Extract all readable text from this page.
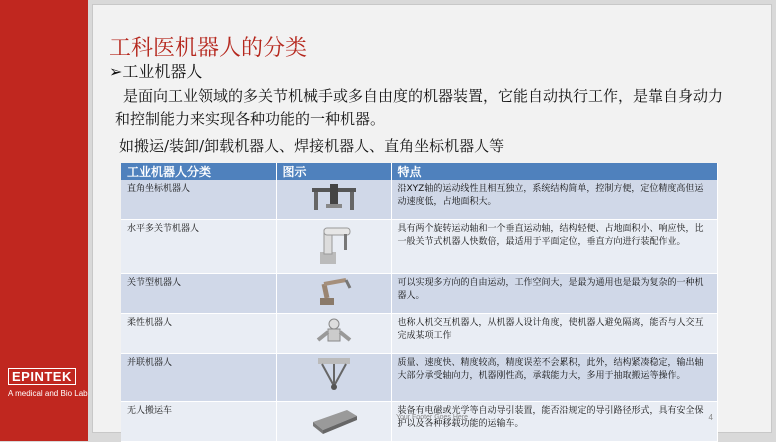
EPINTEK
A medical and Bio Lab
工科医机器人的分类
➢工业机器人
是面向工业领域的多关节机械手或多自由度的机器装置，它能自动执行工作，是靠自身动力和控制能力来实现各种功能的一种机器。
如搬运/装卸/卸载机器人、焊接机器人、直角坐标机器人等
工业机器人分类	图示	特点
直角坐标机器人		沿XYZ轴的运动线性且相互独立，系统结构简单，控制方便，定位精度高但运动速度低，占地面积大。
水平多关节机器人		具有两个旋转运动轴和一个垂直运动轴，结构轻便、占地面积小、响应快，比一般关节式机器人快数倍，最适用于平面定位，垂直方向进行装配作业。
关节型机器人		可以实现多方向的自由运动，工作空间大，是最为通用也是最为复杂的一种机器人。
柔性机器人		也称人机交互机器人，从机器人设计角度，使机器人避免隔离，能否与人交互完成某项工作
并联机器人		质量、速度快、精度较高，精度误差不会累积，此外，结构紧凑稳定，输出轴大部分承受轴向力，机器刚性高，承载能力大，多用于抽取搬运等操作。
无人搬运车		装备有电磁或光学等自动导引装置，能否沿规定的导引路径形式，具有安全保护以及各种移载功能的运输车。
Your Footer Goes Here	4
